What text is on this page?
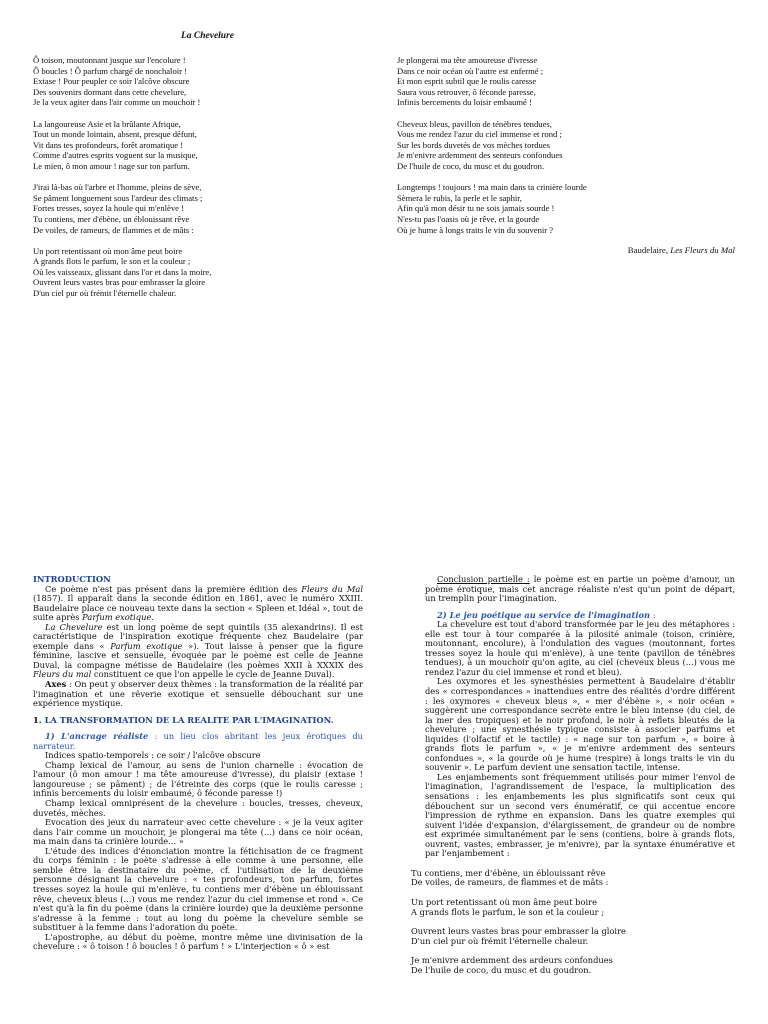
La Chevelure
Ô toison, moutonnant jusque sur l'encolure !
Ô boucles ! Ô parfum chargé de nonchaloir !
Extase ! Pour peupler ce soir l'alcôve obscure
Des souvenirs dormant dans cette chevelure,
Je la veux agiter dans l'air comme un mouchoir !
La langoureuse Asie et la brûlante Afrique,
Tout un monde lointain, absent, presque défunt,
Vit dans tes profondeurs, forêt aromatique !
Comme d'autres esprits voguent sur la musique,
Le mien, ô mon amour ! nage sur ton parfum.
J'irai là-bas où l'arbre et l'homme, pleins de sève,
Se pâment longuement sous l'ardeur des climats ;
Fortes tresses, soyez la houle qui m'enlève !
Tu contiens, mer d'ébène, un éblouissant rêve
De voiles, de rameurs, de flammes et de mâts :
Un port retentissant où mon âme peut boire
A grands flots le parfum, le son et la couleur ;
Où les vaisseaux, glissant dans l'or et dans la moire,
Ouvrent leurs vastes bras pour embrasser la gloire
D'un ciel pur où frémit l'éternelle chaleur.
Je plongerai ma tête amoureuse d'ivresse
Dans ce noir océan où l'autre est enfermé ;
Et mon esprit subtil que le roulis caresse
Saura vous retrouver, ô féconde paresse,
Infinis bercements du loisir embaumé !
Cheveux bleus, pavillon de ténèbres tendues,
Vous me rendez l'azur du ciel immense et rond ;
Sur les bords duvetés de vos mèches tordues
Je m'enivre ardemment des senteurs confondues
De l'huile de coco, du musc et du goudron.
Longtemps ! toujours ! ma main dans ta crinière lourde
Sèmera le rubis, la perle et le saphir,
Afin qu'à mon désir tu ne sois jamais sourde !
N'es-tu pas l'oasis où je rêve, et la gourde
Où je hume à longs traits le vin du souvenir ?
Baudelaire, Les Fleurs du Mal

INTRODUCTION

Ce poème n'est pas présent dans la première édition des Fleurs du Mal (1857). Il apparaît dans la seconde édition en 1861, avec le numéro XXIII. Baudelaire place ce nouveau texte dans la section « Spleen et Idéal », tout de suite après Parfum exotique.

La Chevelure est un long poème de sept quintils (35 alexandrins). Il est caractéristique de l'inspiration exotique fréquente chez Baudelaire (par exemple dans « Parfum exotique »). Tout laisse à penser que la figure féminine, lascive et sensuelle, évoquée par le poème est celle de Jeanne Duval, la compagne métisse de Baudelaire (les poèmes XXII à XXXIX des Fleurs du mal constituent ce que l'on appelle le cycle de Jeanne Duval).

Axes : On peut y observer deux thèmes : la transformation de la réalité par l'imagination et une rêverie exotique et sensuelle débouchant sur une expérience mystique.

1. LA TRANSFORMATION DE LA REALITE PAR L'IMAGINATION.

1) L'ancrage réaliste : un lieu clos abritant les jeux érotiques du narrateur.

Indices spatio-temporels : ce soir / l'alcôve obscure

Champ lexical de l'amour, au sens de l'union charnelle : évocation de l'amour (ô mon amour ! ma tête amoureuse d'ivresse), du plaisir (extase ! langoureuse ; se pâment) ; de l'étreinte des corps (que le roulis caresse ; infinis bercements du loisir embaumé, ô féconde paresse !)

Champ lexical omniprésent de la chevelure : boucles, tresses, cheveux, duvetés, mèches.

Evocation des jeux du narrateur avec cette chevelure : « je la veux agiter dans l'air comme un mouchoir, je plongerai ma tête (...) dans ce noir océan, ma main dans ta crinière lourde... »

L'étude des indices d'énonciation montre la fétichisation de ce fragment du corps féminin : le poète s'adresse à elle comme à une personne, elle semble être la destinataire du poème, cf. l'utilisation de la deuxième personne désignant la chevelure : « tes profondeurs, ton parfum, fortes tresses soyez la houle qui m'enlève, tu contiens mer d'ébène un éblouissant rêve, cheveux bleus (...) vous me rendez l'azur du ciel immense et rond ». Ce n'est qu'à la fin du poème (dans la crinière lourde) que la deuxième personne s'adresse à la femme : tout au long du poème la chevelure semble se substituer à la femme dans l'adoration du poète.

L'apostrophe, au début du poème, montre même une divinisation de la chevelure : « ô toison ! ô boucles ! ô parfum ! » L'interjection « ô » est

Conclusion partielle : le poème est en partie un poème d'amour, un poème érotique, mais cet ancrage réaliste n'est qu'un point de départ, un tremplin pour l'imagination.

2) Le jeu poétique au service de l'imagination :

La chevelure est tout d'abord transformée par le jeu des métaphores : elle est tour à tour comparée à la pilosité animale (toison, crinière, moutonnant, encolure), à l'ondulation des vagues (moutonnant, fortes tresses soyez la houle qui m'enlève), à une tente (pavillon de ténèbres tendues), à un mouchoir qu'on agite, au ciel (cheveux bleus (...) vous me rendez l'azur du ciel immense et rond et bleu).

Les oxymores et les synesthésies permettent à Baudelaire d'établir des « correspondances » inattendues entre des réalités d'ordre différent : les oxymores « cheveux bleus », « mer d'ébène », « noir océan » suggèrent une correspondance secrète entre le bleu intense (du ciel, de la mer des tropiques) et le noir profond, le noir à reflets bleutés de la chevelure ; une synesthésie typique consiste à associer parfums et liquides (l'olfactif et le tactile) : « nage sur ton parfum », « boire à grands flots le parfum », « je m'enivre ardemment des senteurs confondues », « la gourde où je hume (respire) à longs traits le vin du souvenir ». Le parfum devient une sensation tactile, intense.

Les enjambements sont fréquemment utilisés pour mimer l'envol de l'imagination, l'agrandissement de l'espace, la multiplication des sensations : les enjambements les plus significatifs sont ceux qui débouchent sur un second vers énumératif, ce qui accentue encore l'impression de rythme en expansion. Dans les quatre exemples qui suivent l'idée d'expansion, d'élargissement, de grandeur ou de nombre est exprimée simultanément par le sens (contiens, boire à grands flots, ouvrent, vastes, embrasser, je m'enivre), par la syntaxe énumérative et par l'enjambement :

Tu contiens, mer d'ébène, un éblouissant rêve
De voiles, de rameurs, de flammes et de mâts :
Un port retentissant où mon âme peut boire
A grands flots le parfum, le son et la couleur ;
Ouvrent leurs vastes bras pour embrasser la gloire
D'un ciel pur où frémit l'éternelle chaleur.
Je m'enivre ardemment des ardeurs confondues
De l'huile de coco, du musc et du goudron.
